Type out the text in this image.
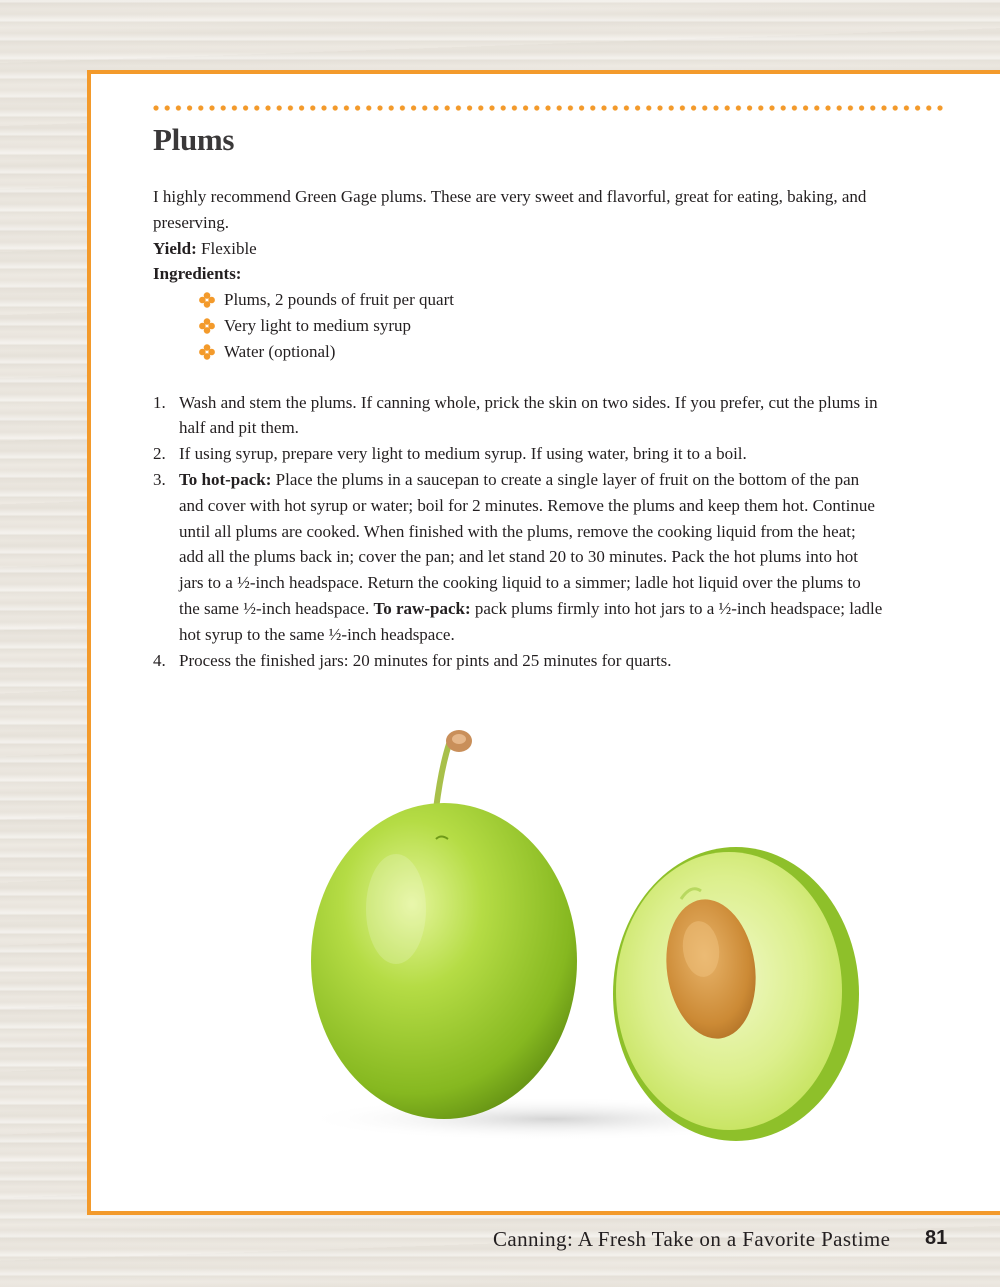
Plums

I highly recommend Green Gage plums. These are very sweet and flavorful, great for eating, baking, and preserving.

Yield: Flexible

Ingredients:

Plums, 2 pounds of fruit per quart
Very light to medium syrup
Water (optional)
1. Wash and stem the plums. If canning whole, prick the skin on two sides. If you prefer, cut the plums in half and pit them.
2. If using syrup, prepare very light to medium syrup. If using water, bring it to a boil.
3. To hot-pack: Place the plums in a saucepan to create a single layer of fruit on the bottom of the pan and cover with hot syrup or water; boil for 2 minutes. Remove the plums and keep them hot. Continue until all plums are cooked. When finished with the plums, remove the cooking liquid from the heat; add all the plums back in; cover the pan; and let stand 20 to 30 minutes. Pack the hot plums into hot jars to a ½-inch headspace. Return the cooking liquid to a simmer; ladle hot liquid over the plums to the same ½-inch headspace. To raw-pack: pack plums firmly into hot jars to a ½-inch headspace; ladle hot syrup to the same ½-inch headspace.
4. Process the finished jars: 20 minutes for pints and 25 minutes for quarts.
Canning: A Fresh Take on a Favorite Pastime 81
